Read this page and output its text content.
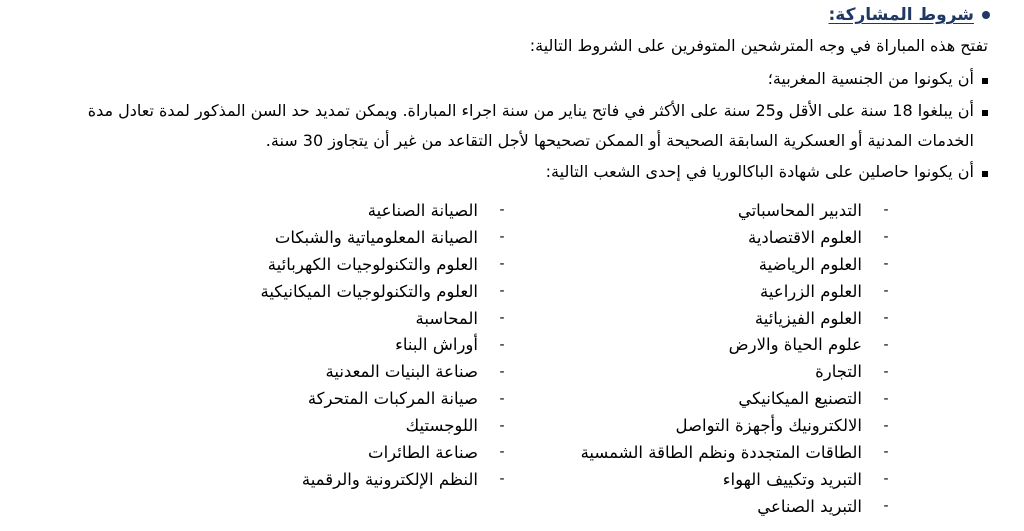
شروط المشاركة:
تفتح هذه المباراة في وجه المترشحين المتوفرين على الشروط التالية:
أن يكونوا من الجنسية المغربية؛
أن يبلغوا 18 سنة على الأقل و25 سنة على الأكثر في فاتح يناير من سنة اجراء المباراة. ويمكن تمديد حد السن المذكور لمدة تعادل مدة الخدمات المدنية أو العسكرية السابقة الصحيحة أو الممكن تصحيحها لأجل التقاعد من غير أن يتجاوز 30 سنة.
أن يكونوا حاصلين على شهادة الباكالوريا في إحدى الشعب التالية:
-
التدبير المحاسباتي
-
العلوم الاقتصادية
-
العلوم الرياضية
-
العلوم الزراعية
-
العلوم الفيزيائية
-
علوم الحياة والارض
-
التجارة
-
التصنيع الميكانيكي
-
الالكترونيك وأجهزة التواصل
-
الطاقات المتجددة ونظم الطاقة الشمسية
-
التبريد وتكييف الهواء
-
التبريد الصناعي
-
الصيانة الصناعية
-
الصيانة المعلومياتية والشبكات
-
العلوم والتكنولوجيات الكهربائية
-
العلوم والتكنولوجيات الميكانيكية
-
المحاسبة
-
أوراش البناء
-
صناعة البنيات المعدنية
-
صيانة المركبات المتحركة
-
اللوجستيك
-
صناعة الطائرات
-
النظم الإلكترونية والرقمية
